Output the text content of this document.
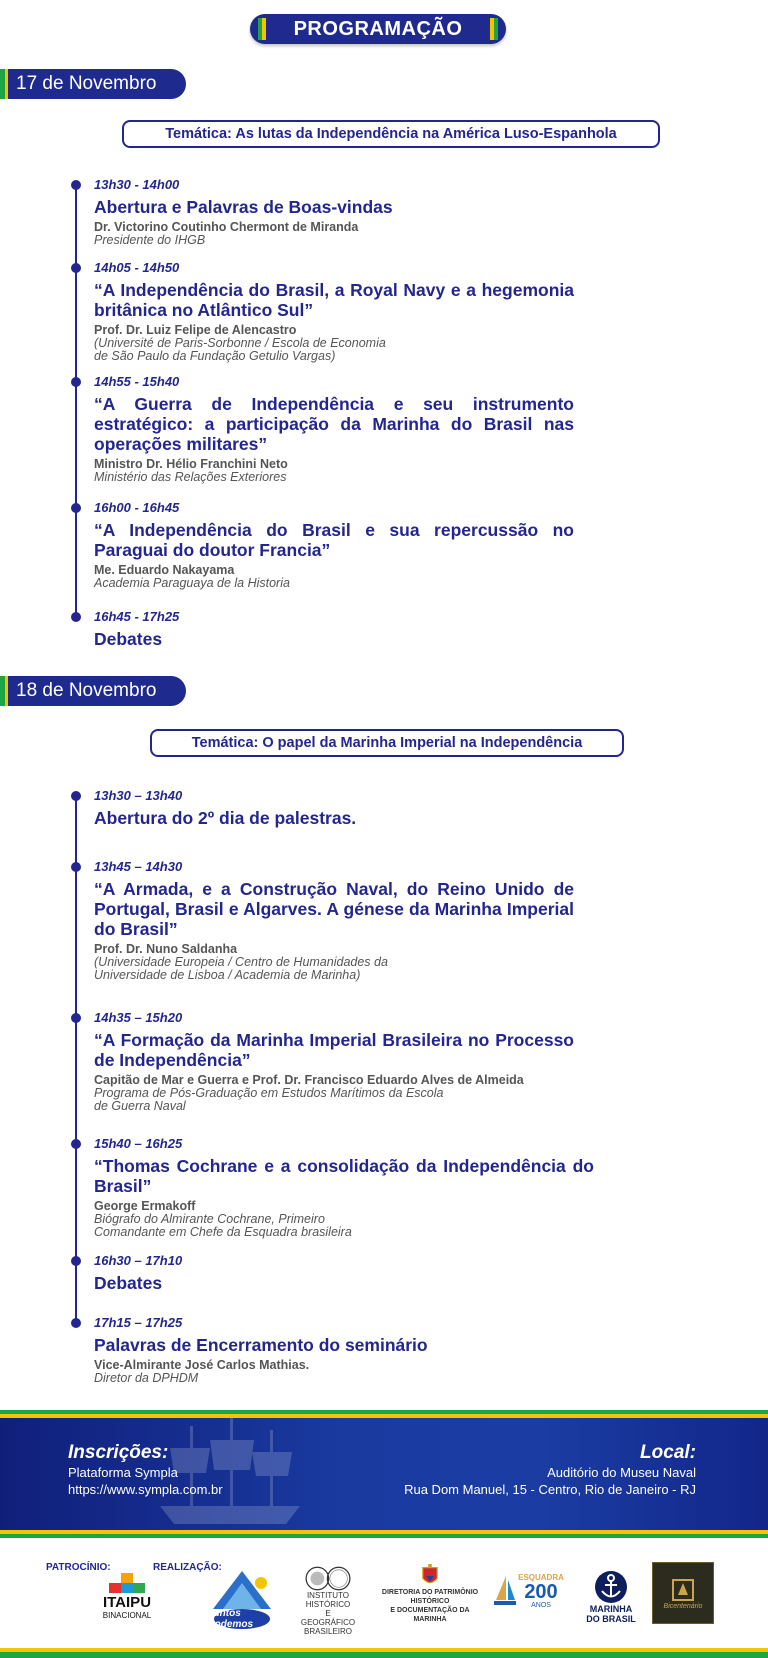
PROGRAMAÇÃO
17 de Novembro
Temática: As lutas da Independência na América Luso-Espanhola
13h30 - 14h00
Abertura e Palavras de Boas-vindas
Dr. Victorino Coutinho Chermont de Miranda
Presidente do IHGB
14h05 - 14h50
“A Independência do Brasil, a Royal Navy e a hegemonia britânica no Atlântico Sul”
Prof. Dr. Luiz Felipe de Alencastro
(Université de Paris-Sorbonne / Escola de Economia
de São Paulo da Fundação Getulio Vargas)
14h55 - 15h40
“A Guerra de Independência e seu instrumento estratégico: a participação da Marinha do Brasil nas operações militares”
Ministro Dr. Hélio Franchini Neto
Ministério das Relações Exteriores
16h00 - 16h45
“A Independência do Brasil e sua repercussão no Paraguai do doutor Francia”
Me. Eduardo Nakayama
Academia Paraguaya de la Historia
16h45 - 17h25
Debates
18 de Novembro
Temática: O papel da Marinha Imperial na Independência
13h30 – 13h40
Abertura do 2º dia de palestras.
13h45 – 14h30
“A Armada, e a Construção Naval, do Reino Unido de Portugal, Brasil e Algarves. A génese da Marinha Imperial do Brasil”
Prof. Dr. Nuno Saldanha
(Universidade Europeia / Centro de Humanidades da
Universidade de Lisboa / Academia de Marinha)
14h35 – 15h20
“A Formação da Marinha Imperial Brasileira no Processo de Independência”
Capitão de Mar e Guerra e Prof. Dr. Francisco Eduardo Alves de Almeida
Programa de Pós-Graduação em Estudos Marítimos da Escola
de Guerra Naval
15h40 – 16h25
“Thomas Cochrane e a consolidação da Independência do Brasil”
George Ermakoff
Biógrafo do Almirante Cochrane, Primeiro
Comandante em Chefe da Esquadra brasileira
16h30 – 17h10
Debates
17h15 – 17h25
Palavras de Encerramento do seminário
Vice-Almirante José Carlos Mathias.
Diretor da DPHDM
Inscrições:
Plataforma Sympla
https://www.sympla.com.br
Local:
Auditório do Museu Naval
Rua Dom Manuel, 15 - Centro, Rio de Janeiro - RJ
PATROCÍNIO:	REALIZAÇÃO:
ITAIPU
BINACIONAL	Juntos Podemos
INSTITUTO HISTÓRICO
E
GEOGRÁFICO BRASILEIRO
DIRETORIA DO PATRIMÔNIO HISTÓRICO
E DOCUMENTAÇÃO DA MARINHA
ESQUADRA
200
ANOS	MARINHA
DO BRASIL
Bicentenário
